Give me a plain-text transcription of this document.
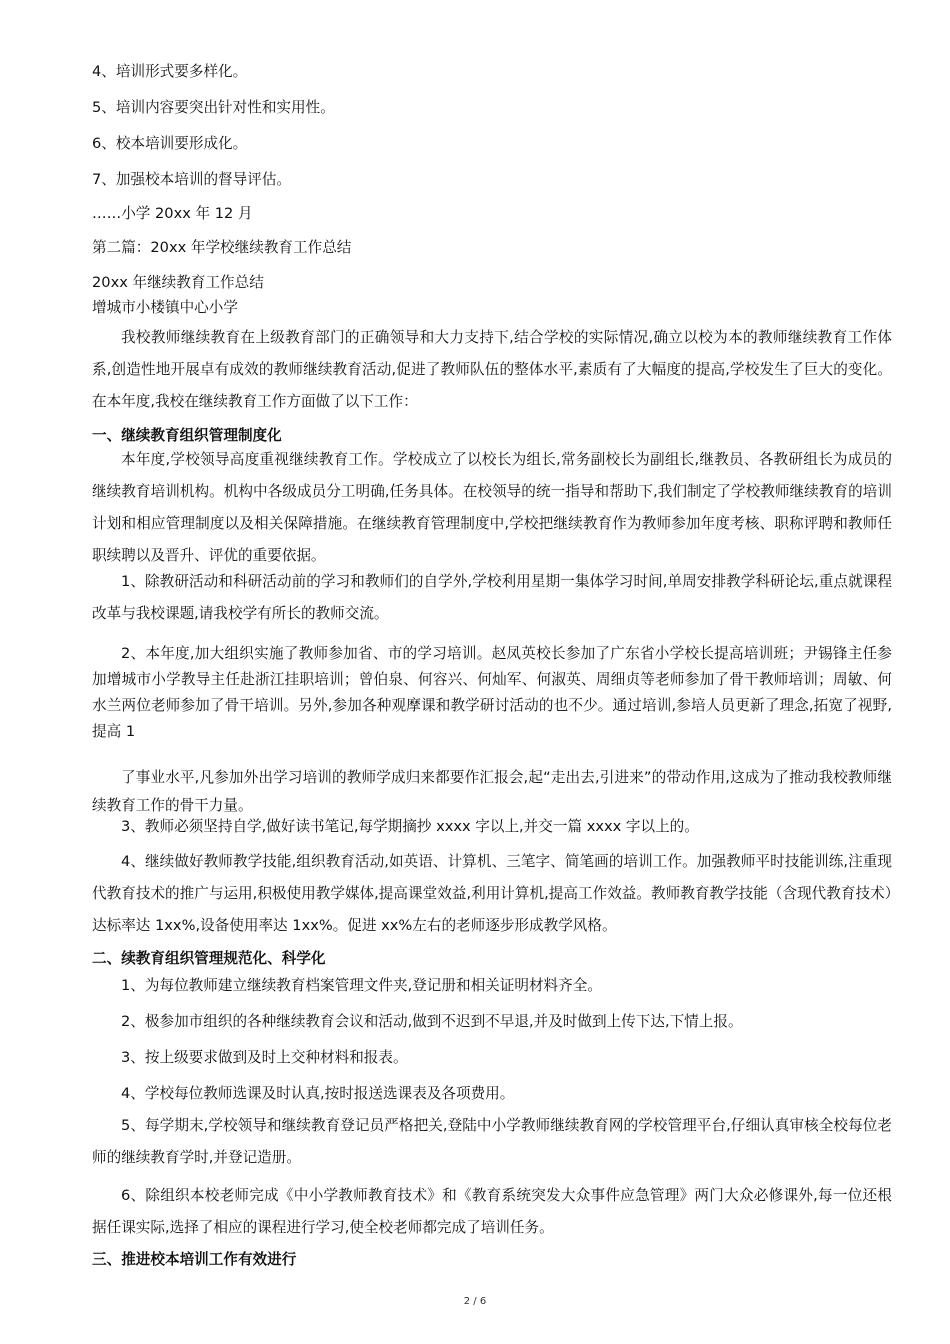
4、培训形式要多样化。

5、培训内容要突出针对性和实用性。

6、校本培训要形成化。

7、加强校本培训的督导评估。

……小学 20xx 年 12 月

第二篇：20xx 年学校继续教育工作总结

20xx 年继续教育工作总结

增城市小楼镇中心小学

我校教师继续教育在上级教育部门的正确领导和大力支持下,结合学校的实际情况,确立以校为本的教师继续教育工作体系,创造性地开展卓有成效的教师继续教育活动,促进了教师队伍的整体水平,素质有了大幅度的提高,学校发生了巨大的变化。在本年度,我校在继续教育工作方面做了以下工作：

一、继续教育组织管理制度化

本年度,学校领导高度重视继续教育工作。学校成立了以校长为组长,常务副校长为副组长,继教员、各教研组长为成员的继续教育培训机构。机构中各级成员分工明确,任务具体。在校领导的统一指导和帮助下,我们制定了学校教师继续教育的培训计划和相应管理制度以及相关保障措施。在继续教育管理制度中,学校把继续教育作为教师参加年度考核、职称评聘和教师任职续聘以及晋升、评优的重要依据。

1、除教研活动和科研活动前的学习和教师们的自学外,学校利用星期一集体学习时间,单周安排教学科研论坛,重点就课程改革与我校课题,请我校学有所长的教师交流。

2、本年度,加大组织实施了教师参加省、市的学习培训。赵凤英校长参加了广东省小学校长提高培训班；尹锡锋主任参加增城市小学教导主任赴浙江挂职培训；曾伯泉、何容兴、何灿军、何淑英、周细贞等老师参加了骨干教师培训；周敏、何水兰两位老师参加了骨干培训。另外,参加各种观摩课和教学研讨活动的也不少。通过培训,参培人员更新了理念,拓宽了视野,提高 1

了事业水平,凡参加外出学习培训的教师学成归来都要作汇报会,起“走出去,引进来”的带动作用,这成为了推动我校教师继续教育工作的骨干力量。

3、教师必须坚持自学,做好读书笔记,每学期摘抄 xxxx 字以上,并交一篇 xxxx 字以上的。

4、继续做好教师教学技能,组织教育活动,如英语、计算机、三笔字、简笔画的培训工作。加强教师平时技能训练,注重现代教育技术的推广与运用,积极使用教学媒体,提高课堂效益,利用计算机,提高工作效益。教师教育教学技能（含现代教育技术）达标率达 1xx%,设备使用率达 1xx%。促进 xx%左右的老师逐步形成教学风格。

二、续教育组织管理规范化、科学化

1、为每位教师建立继续教育档案管理文件夹,登记册和相关证明材料齐全。

2、极参加市组织的各种继续教育会议和活动,做到不迟到不早退,并及时做到上传下达,下情上报。

3、按上级要求做到及时上交种材料和报表。

4、学校每位教师选课及时认真,按时报送选课表及各项费用。

5、每学期末,学校领导和继续教育登记员严格把关,登陆中小学教师继续教育网的学校管理平台,仔细认真审核全校每位老师的继续教育学时,并登记造册。

6、除组织本校老师完成《中小学教师教育技术》和《教育系统突发大众事件应急管理》两门大众必修课外,每一位还根据任课实际,选择了相应的课程进行学习,使全校老师都完成了培训任务。

三、推进校本培训工作有效进行

2 / 6
